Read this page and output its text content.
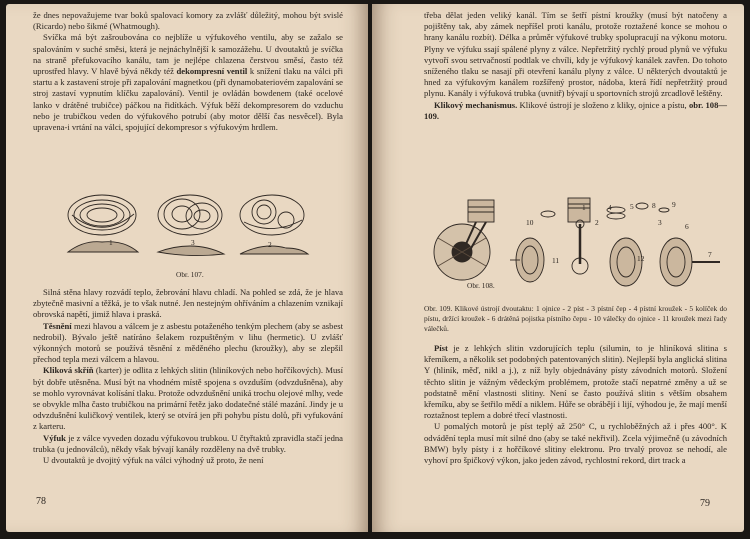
že dnes nepovažujeme tvar boků spalovací komory za zvlášť důležitý, mohou být svislé (Ricardo) nebo šikmé (Whatmough).

Svíčka má být zašroubována co nejblíže u výfukového ventilu, aby se zažalo se spalováním v suché směsi, která je nejnáchylnější k samozážehu. U dvoutaktů je svíčka na straně přefukovacího kanálu, tam je nejlépe chlazena čerstvou směsí, často též uprostřed hlavy. V hlavě bývá někdy též dekompresní ventil k snížení tlaku na válci při startu a k zastavení stroje při zapalování magnetkou (při dynamobateriovém zapalování se stroj zastaví vypnutím klíčku zapalování). Ventil je ovládán bowdenem (také ocelové lanko v drátěné trubičce) páčkou na řidítkách. Výfuk běží dekompresorem do vzduchu nebo je trubičkou veden do výfukového potrubí (aby motor dělší čas nesvěcel). Byla upravena-i vrtání na válci, spojující dekompresor s výfukovým hrdlem.

1	3	2
Obr. 107.

Silná stěna hlavy rozvádí teplo, žebrování hlavu chladí. Na pohled se zdá, že je hlava zbytečně masivní a těžká, je to však nutné. Jen nestejným ohříváním a chlazením vznikají obrovská napětí, jimiž hlava i praská.

Těsnění mezi hlavou a válcem je z asbestu potaženého tenkým plechem (aby se asbest nedrobil). Bývalo ještě natíráno šelakem rozpuštěným v lihu (hermetic). U zvlášť výkonných motorů se používá těsnění z měděného plechu (kroužky), aby se zlepšil přechod tepla mezi válcem a hlavou.

Kliková skříň (karter) je odlita z lehkých slitin (hliníkových nebo hořčíkových). Musí být dobře utěsněna. Musí být na vhodném místě spojena s ovzduším (odvzdušněna), aby se mohlo vyrovnávat kolísání tlaku. Protože odvzdušnění uniká trochu olejové mlhy, vede se obvykle mlha často trubičkou na primární řetěz jako dodatečné stálé mazání. Jindy je u odvzdušnění kuličkový ventilek, který se otvírá jen při pohybu pístu dolů, při vyfukování z karteru.

Výfuk je z válce vyveden dozadu výfukovou trubkou. U čtyřtaktů zpravidla stačí jedna trubka (u jednoválců), někdy však bývají kanály rozděleny na dvě trubky.

U dvoutaktů je dvojitý výfuk na válci výhodný už proto, že není

78

třeba dělat jeden veliký kanál. Tím se šetří pístní kroužky (musí být natočeny a pojištěny tak, aby zámek nepříšel proti kanálu, protože roztažené konce se mohou o hrany kanálu rozbít). Délka a průměr výfukové trubky spolupracují na výkonu motoru. Plyny ve výfuku ssají spálené plyny z válce. Nepřetržitý rychlý proud plynů ve výfuku vytvoří svou setrvačností podtlak ve chvíli, kdy je výfukový kanálek zavřen. Do tohoto sníženého tlaku se nasají při otevření kanálu plyny z válce. U některých dvoutaktů je hned za výfukovým kanálem rozšířený prostor, nádoba, která řídí nepřetržitý proud plynu. Kanály i výfuková trubka (uvnitř) bývají u sportovních strojů zrcadlově leštěny.

Klikový mechanismus. Klikové ústrojí je složeno z kliky, ojnice a pístu, obr. 108—109.

1	4 5 8 9
10
11	12
2	3	6
7
Obr. 108.
Obr. 109. Klikové ústrojí dvoutaktu: 1 ojnice - 2 píst - 3 pístní čep - 4 pístní kroužek - 5 kolíček do pístu, držící kroužek - 6 drátěná pojistka pístního čepu - 10 válečky do ojnice - 11 kroužek mezi řady válečků.

Píst je z lehkých slitin vzdorujících teplu (silumin, to je hliníková slitina s křemíkem, a několik set podobných patentovaných slitin). Nejlepší byla anglická slitina Y (hliník, měď, nikl a j.), z níž byly objednávány písty závodních motorů. Složení těchto slitin je vážným vědeckým problémem, protože stačí nepatrné změny a už se podstatně mění vlastnosti slitiny. Není se často používá slitin s větším obsahem křemíku, aby se šetřilo mědí a niklem. Hůře se obrábějí i lijí, výhodou je, že mají menší roztažnost teplem a dobré třecí vlastnosti.

U pomalých motorů je píst teplý až 250° C, u rychloběžných až i přes 400°. K odvádění tepla musí mít silné dno (aby se také nekřivil). Zcela výjimečně (u závodních BMW) byly písty i z hořčíkové slitiny elektronu. Pro trvalý provoz se nehodí, ale vyhoví pro špičkový výkon, jako jeden závod, rychlostní rekord, dirt track a

79
